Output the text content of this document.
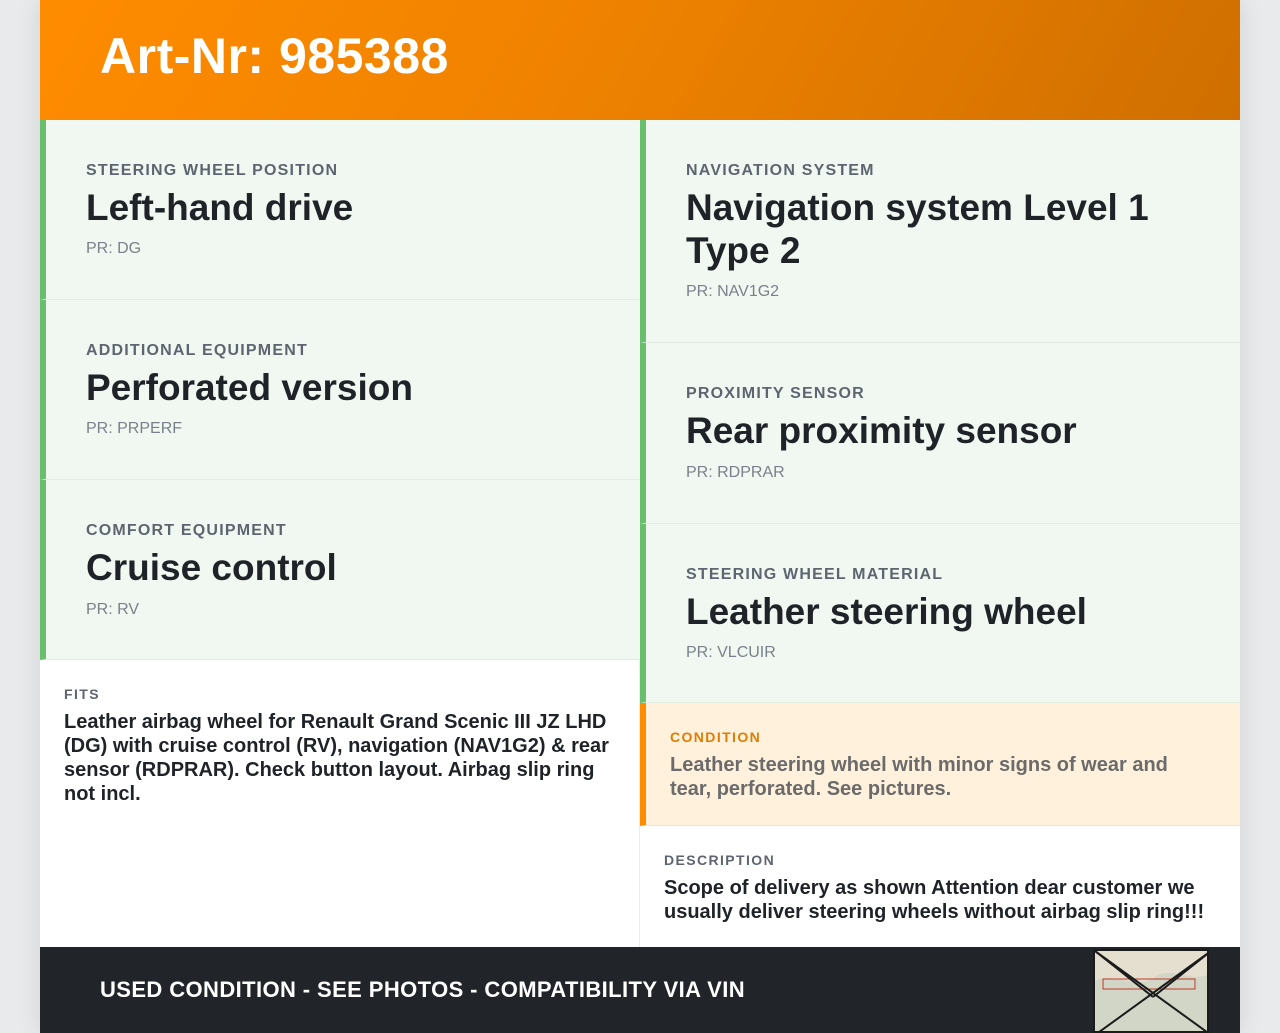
Art-Nr: 985388
STEERING WHEEL POSITION
Left-hand drive
PR: DG
ADDITIONAL EQUIPMENT
Perforated version
PR: PRPERF
COMFORT EQUIPMENT
Cruise control
PR: RV
NAVIGATION SYSTEM
Navigation system Level 1 Type 2
PR: NAV1G2
PROXIMITY SENSOR
Rear proximity sensor
PR: RDPRAR
STEERING WHEEL MATERIAL
Leather steering wheel
PR: VLCUIR
FITS
Leather airbag wheel for Renault Grand Scenic III JZ LHD (DG) with cruise control (RV), navigation (NAV1G2) & rear sensor (RDPRAR). Check button layout. Airbag slip ring not incl.
CONDITION
Leather steering wheel with minor signs of wear and tear, perforated. See pictures.
DESCRIPTION
Scope of delivery as shown Attention dear customer we usually deliver steering wheels without airbag slip ring!!!
USED CONDITION - SEE PHOTOS - COMPATIBILITY VIA VIN
